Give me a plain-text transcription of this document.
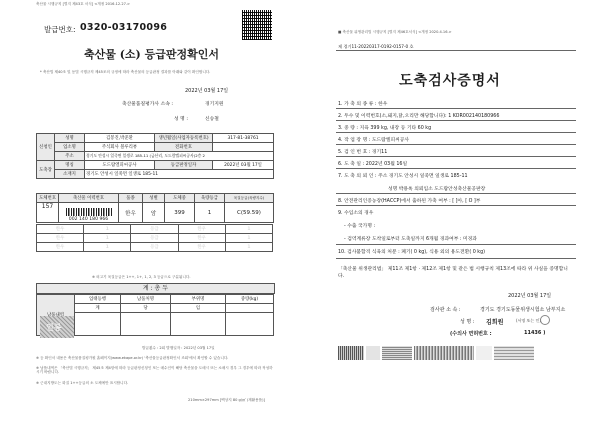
축산물 시행규칙 [별지 제43호 서식] <개정 2016.12.27.>
발급번호: 0320-03170096
축산물 (소) 등급판정확인서
* 축산법 제40조 및 동법 시행규칙 제45조의 규정에 따라 축산물의 등급판정 결과를 아래와 같이 확인합니다.
2022년 03월 17일
축산물품질평가사 소속 :	경기지원
성 명 :	신승철
신청인	성명	김봉진,박준환	생년월일(사업자등록번호)	317-81-38761
	업소명	주식회사 블루리뷰	전화번호	
	주소	경기도 안성시 일죽면 일생로 185-11 (금산리, 도드람엘피씨공사)2층 2		
도축장	명칭	도드람엘피씨공사	등급판정일자	2022년 03월 17일
	소재지	경기도 안성시 일죽면 일생로 185-11		
도체번호	축산물 이력번호	품종	성별	도체중	육량등급	육질등급(육량지수)
157	002 140 180 966	한우	암	399	1	C(59.59)
한우	1	등급	한우	1
한우	1	등급	한우	1
한우	1	등급	한우	1
※ 외고기 육질등급은 1++, 1+, 1, 2, 3 등급으로 구분됩니다.
계 : 총 두
	업태등행	남품처명	부위명	중량(kg)
	계	당	임	

인봉
발급횟수 : 2회 발행일자 : 2022년 03월 17일
※ 등 확인서 내용은 축산물품질평가원 홈페이지(www.ekape.or.kr) '축산물등급판정확인서 조회'에서 확인할 수 있습니다.
※ 남품내역은 「축산법 시행규칙」 제45조 제4항에 따라 등급판정신청인 또는 매수인이 해당 축산물을 도매시 또는 소매시 경우 그 경우에 따라 작성하시기 바랍니다.
※ 근내지방도는 화질 1++등급의 소 도체에만 표시합니다.
210mm×297mm [백상지 80 g/㎡ (재활용품)]
■ 축산물 위생관리법 시행규칙 [별지 제46호서식] <개정 2020.4.16.>
제 경기11-20220317-0192-0157-0 호
도축검사증명서
1. 가 축 의 종 류 : 한우
2. 두수 및 이력번호(소,돼지,닭,오리만 해당합니다): 1 KOR002140180966
3. 중 량 : 지육 399 kg, 내장 등 기타 60 kg
4. 작 업 장 명 : 도드람엘피씨공사
5. 검 인 번 호 : 경기11
6. 도 축 일 : 2022년 03월 16일
7. 도 축 의 뢰 인 : 주소 경기도 안성시 일죽면 일생로 185-11
성명 박용옥 의뢰입소 도드람안성축산물공판장
8. 안전관리인증농장(HACCP)에서 출하된 가축 여부 : [ ]아, [ O ]부
9. 수입소의 경우
- 수출 국가명 :
- 검역계류장 도착일로부터 도축일까지 6개월 경과여부 : 미경과
10. 검사불합격 식육의 처분 : 폐기( 0 kg), 식용 외의 용도전환( 0 kg)
「축산물 위생관리법」 제11조 제1항 · 제12조 제1항 및 같은 법 시행규칙 제13조에 따라 위 사실을 증명합니다.
2022년 03월 17일
검사관 소 속 :	경기도 경기도동물위생시험소 남부지소
성 명 : 김희원	(서명 또는 인)
(수의사 면허번호 :	11436 )
